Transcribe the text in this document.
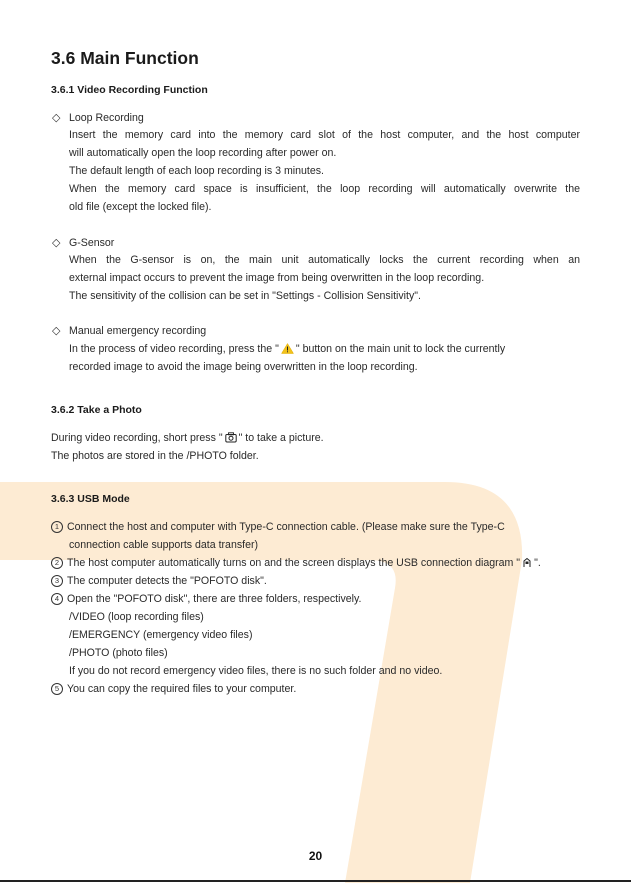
3.6 Main Function
3.6.1 Video Recording Function
◇ Loop Recording
Insert the memory card into the memory card slot of the host computer, and the host computer
will automatically open the loop recording after power on.
The default length of each loop recording is 3 minutes.
When the memory card space is insufficient, the loop recording will automatically overwrite the
old file (except the locked file).
◇ G-Sensor
When the G-sensor is on, the main unit automatically locks the current recording when an
external impact occurs to prevent the image from being overwritten in the loop recording.
The sensitivity of the collision can be set in "Settings - Collision Sensitivity".
◇ Manual emergency recording
In the process of video recording, press the " " button on the main unit to lock the currently
recorded image to avoid the image being overwritten in the loop recording.
3.6.2 Take a Photo
During video recording, short press " " to take a picture.
The photos are stored in the /PHOTO folder.
3.6.3 USB Mode
1 Connect the host and computer with Type-C connection cable. (Please make sure the Type-C
connection cable supports data transfer)
2 The host computer automatically turns on and the screen displays the USB connection diagram " ".
3 The computer detects the "POFOTO disk".
4 Open the "POFOTO disk", there are three folders, respectively.
/VIDEO (loop recording files)
/EMERGENCY (emergency video files)
/PHOTO (photo files)
If you do not record emergency video files, there is no such folder and no video.
5 You can copy the required files to your computer.
20
